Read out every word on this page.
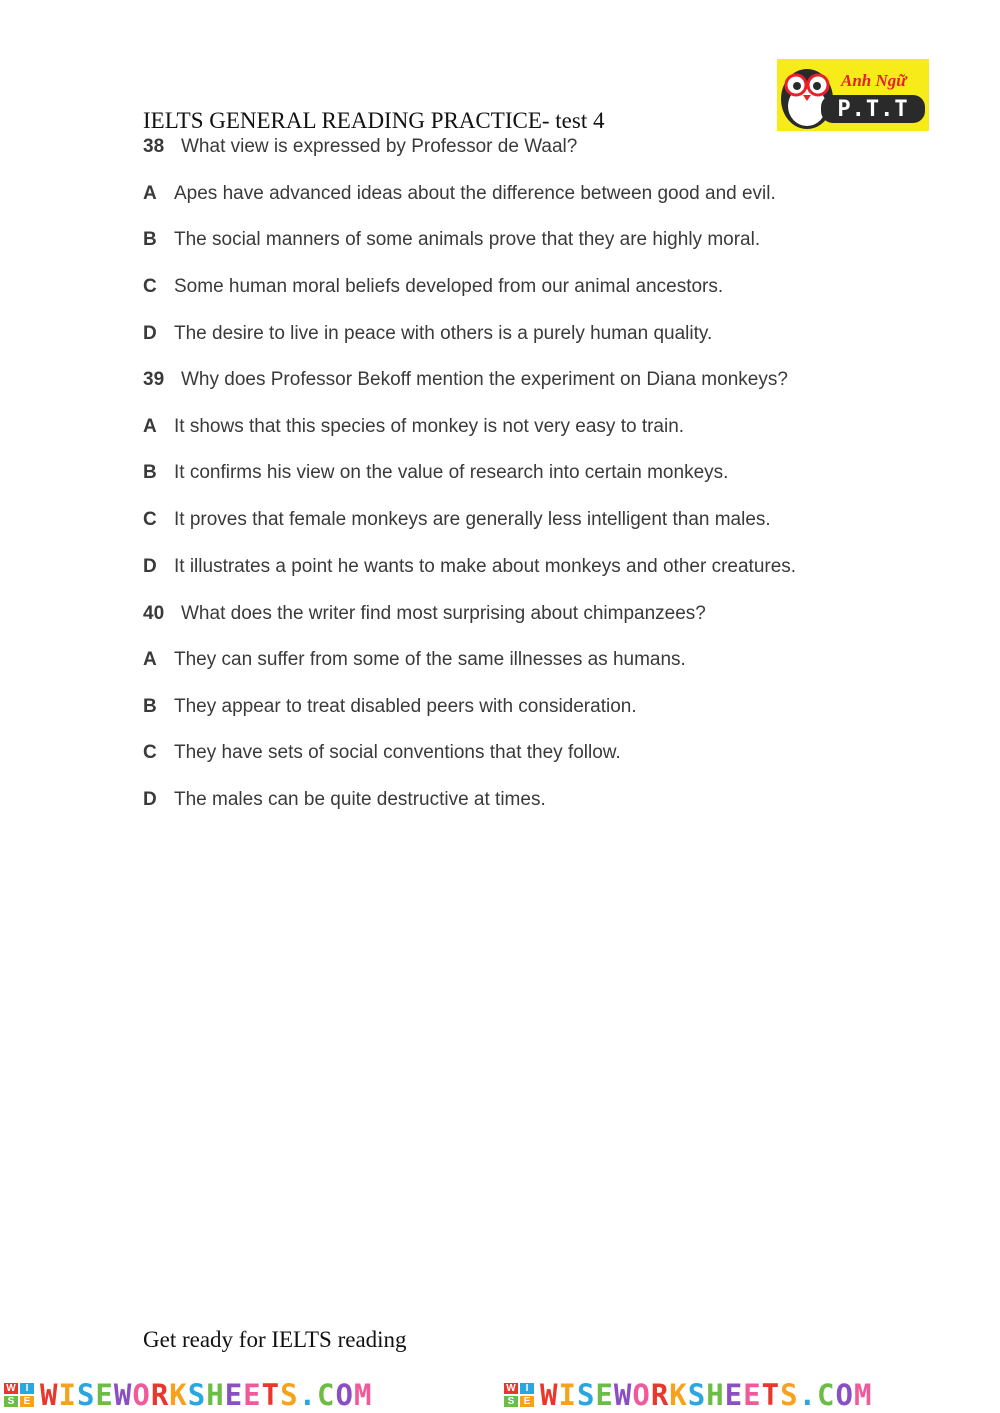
Anh Ngữ
P.T.T
IELTS GENERAL READING PRACTICE- test 4
38 What view is expressed by Professor de Waal?
A Apes have advanced ideas about the difference between good and evil.
B The social manners of some animals prove that they are highly moral.
C Some human moral beliefs developed from our animal ancestors.
D The desire to live in peace with others is a purely human quality.
39 Why does Professor Bekoff mention the experiment on Diana monkeys?
A It shows that this species of monkey is not very easy to train.
B It confirms his view on the value of research into certain monkeys.
C It proves that female monkeys are generally less intelligent than males.
D It illustrates a point he wants to make about monkeys and other creatures.
40 What does the writer find most surprising about chimpanzees?
A They can suffer from some of the same illnesses as humans.
B They appear to treat disabled peers with consideration.
C They have sets of social conventions that they follow.
D The males can be quite destructive at times.
Get ready for IELTS reading
W I
S E WISEWORKSHEETS.COM	W I
S E WISEWORKSHEETS.COM
